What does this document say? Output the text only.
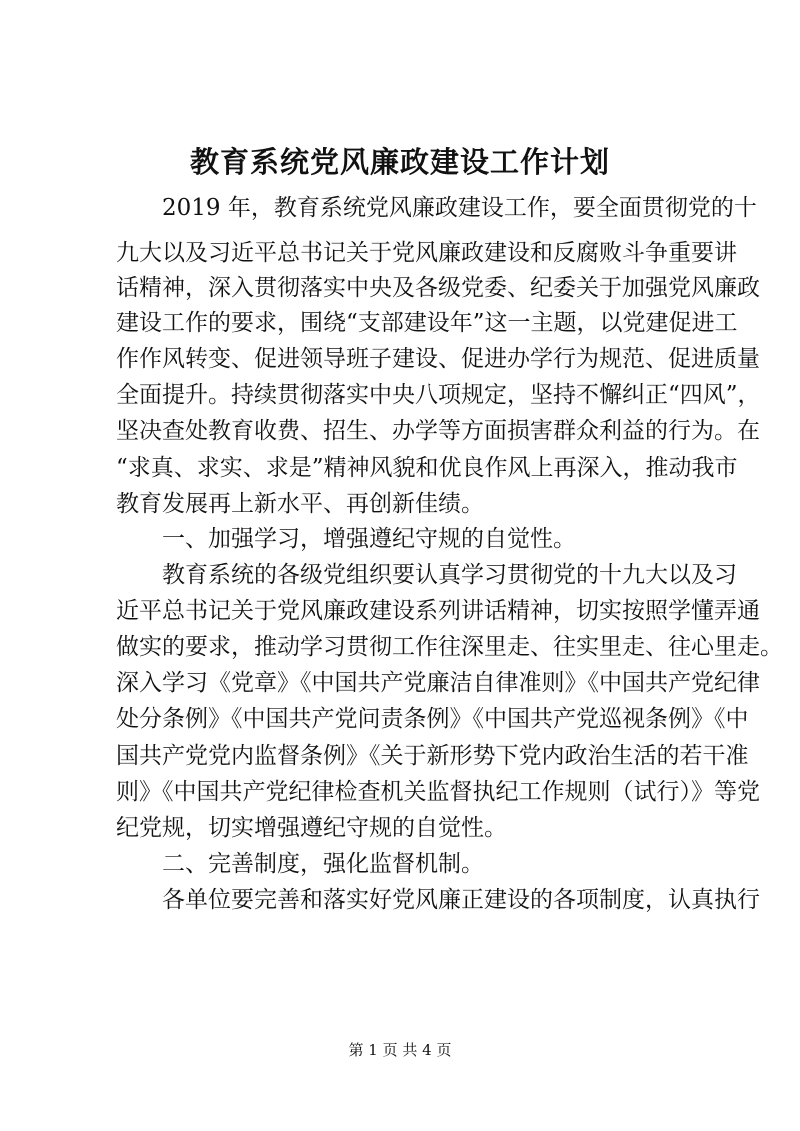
教育系统党风廉政建设工作计划

2019 年，教育系统党风廉政建设工作，要全面贯彻党的十

九大以及习近平总书记关于党风廉政建设和反腐败斗争重要讲

话精神，深入贯彻落实中央及各级党委、纪委关于加强党风廉政

建设工作的要求，围绕“支部建设年”这一主题，以党建促进工

作作风转变、促进领导班子建设、促进办学行为规范、促进质量

全面提升。持续贯彻落实中央八项规定，坚持不懈纠正“四风”，

坚决查处教育收费、招生、办学等方面损害群众利益的行为。在

“求真、求实、求是”精神风貌和优良作风上再深入，推动我市

教育发展再上新水平、再创新佳绩。

一、加强学习，增强遵纪守规的自觉性。

教育系统的各级党组织要认真学习贯彻党的十九大以及习

近平总书记关于党风廉政建设系列讲话精神，切实按照学懂弄通

做实的要求，推动学习贯彻工作往深里走、往实里走、往心里走。

深入学习《党章》《中国共产党廉洁自律准则》《中国共产党纪律

处分条例》《中国共产党问责条例》《中国共产党巡视条例》《中

国共产党党内监督条例》《关于新形势下党内政治生活的若干准

则》《中国共产党纪律检查机关监督执纪工作规则（试行）》等党

纪党规，切实增强遵纪守规的自觉性。

二、完善制度，强化监督机制。

各单位要完善和落实好党风廉正建设的各项制度，认真执行

第 1 页 共 4 页
